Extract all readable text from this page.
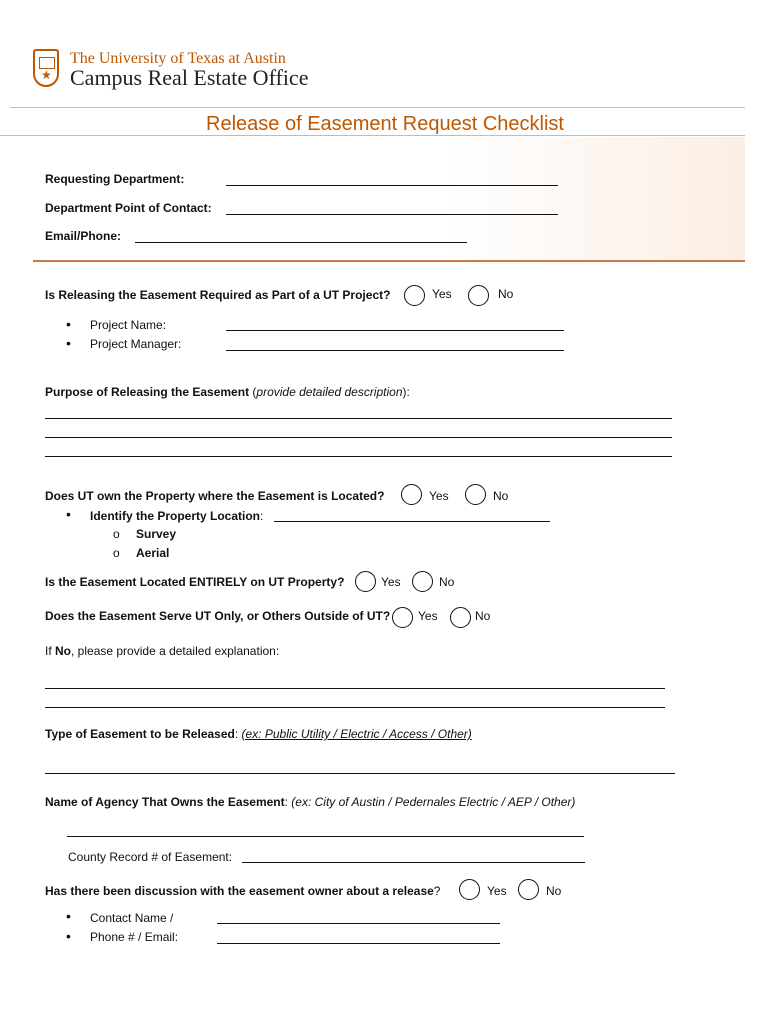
★
The University of Texas at Austin
Campus Real Estate Office
Release of Easement Request Checklist
Requesting Department:
Department Point of Contact:
Email/Phone:
Is Releasing the Easement Required as Part of a UT Project?	Yes	No
• Project Name:
• Project Manager:
Purpose of Releasing the Easement (provide detailed description):
Does UT own the Property where the Easement is Located?	Yes	No
• Identify the Property Location:
o Survey
o Aerial
Is the Easement Located ENTIRELY on UT Property?	Yes	No
Does the Easement Serve UT Only, or Others Outside of UT? Yes	No
If No, please provide a detailed explanation:
Type of Easement to be Released: (ex: Public Utility / Electric / Access / Other)
Name of Agency That Owns the Easement: (ex: City of Austin / Pedernales Electric / AEP / Other)
County Record # of Easement:
Has there been discussion with the easement owner about a release?	Yes	No
• Contact Name /
• Phone # / Email:
